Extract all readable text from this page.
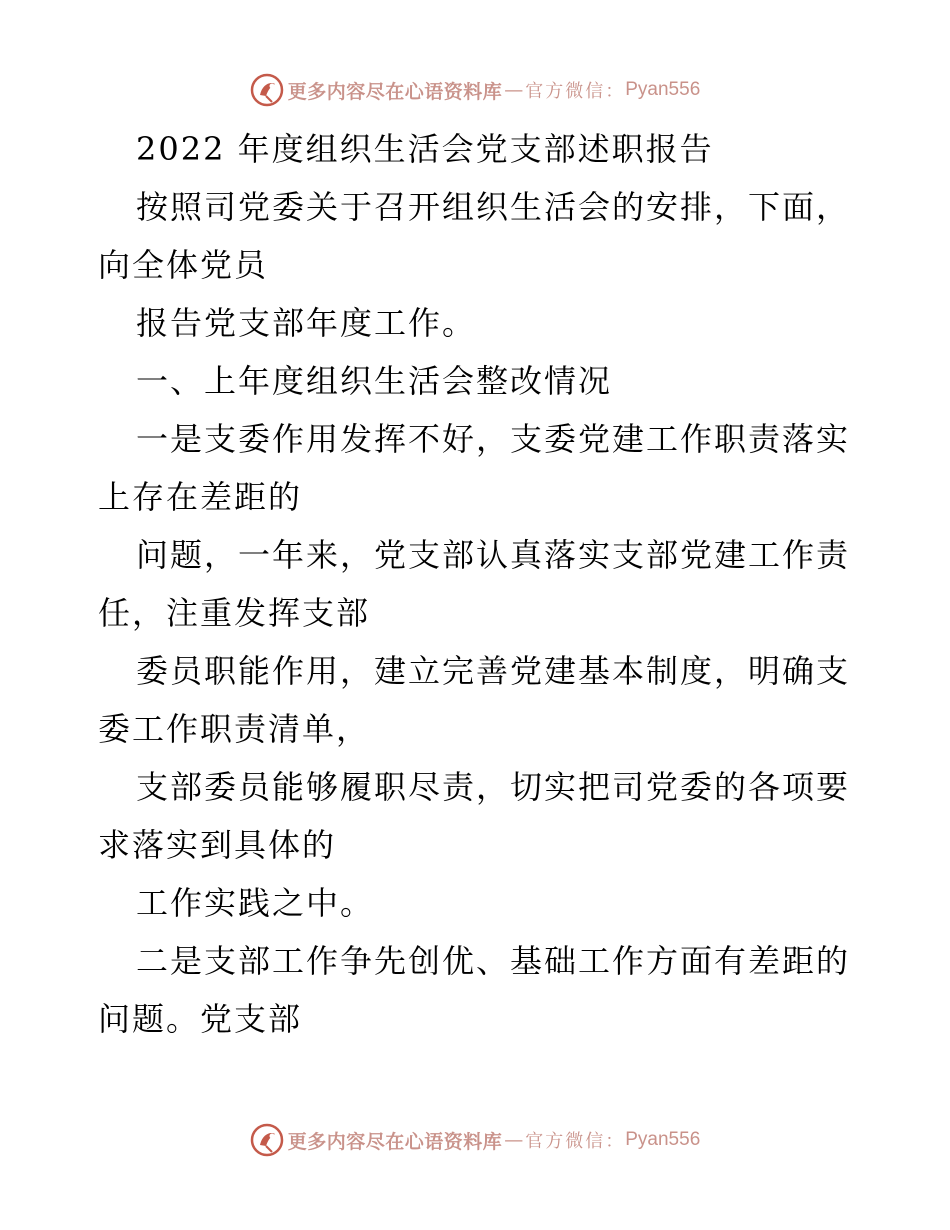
更多内容尽在心语资料库 — 官方微信： Pyan556
2022 年度组织生活会党支部述职报告
按照司党委关于召开组织生活会的安排，下面，
向全体党员
报告党支部年度工作。
一、上年度组织生活会整改情况
一是支委作用发挥不好，支委党建工作职责落实
上存在差距的
问题，一年来，党支部认真落实支部党建工作责
任，注重发挥支部
委员职能作用，建立完善党建基本制度，明确支
委工作职责清单，
支部委员能够履职尽责，切实把司党委的各项要
求落实到具体的
工作实践之中。
二是支部工作争先创优、基础工作方面有差距的
问题。党支部
更多内容尽在心语资料库 — 官方微信： Pyan556
